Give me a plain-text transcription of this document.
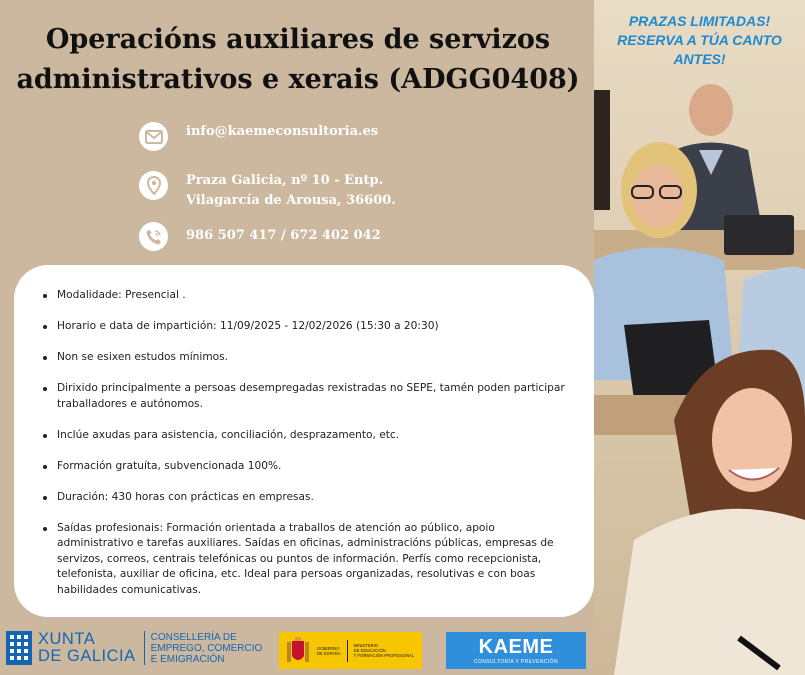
Operacións auxiliares de servizos administrativos e xerais (ADGG0408)
info@kaemeconsultoria.es
Praza Galicia, nº 10 - Entp.
Vilagarcía de Arousa, 36600.
986 507 417 / 672 402 042
Modalidade: Presencial .
Horario e data de impartición: 11/09/2025 - 12/02/2026 (15:30 a 20:30)
Non se esixen estudos mínimos.
Dirixido principalmente a persoas desempregadas rexistradas no SEPE, tamén poden participar traballadores e autónomos.
Inclúe axudas para asistencia, conciliación, desprazamento, etc.
Formación gratuíta, subvencionada 100%.
Duración: 430 horas con prácticas en empresas.
Saídas profesionais: Formación orientada a traballos de atención ao público, apoio administrativo e tarefas auxiliares. Saídas en oficinas, administracións públicas, empresas de servizos, correos, centrais telefónicas ou puntos de información. Perfís como recepcionista, telefonista, auxiliar de oficina, etc. Ideal para persoas organizadas, resolutivas e con boas habilidades comunicativas.
PRAZAS LIMITADAS!
RESERVA A TÚA CANTO
ANTES!
XUNTA
DE GALICIA
CONSELLERÍA DE
EMPREGO, COMERCIO
E EMIGRACIÓN
GOBIERNO
DE ESPAÑA
MINISTERIO
DE EDUCACIÓN
Y FORMACIÓN PROFESIONAL	KAEME
CONSULTORÍA Y PREVENCIÓN
